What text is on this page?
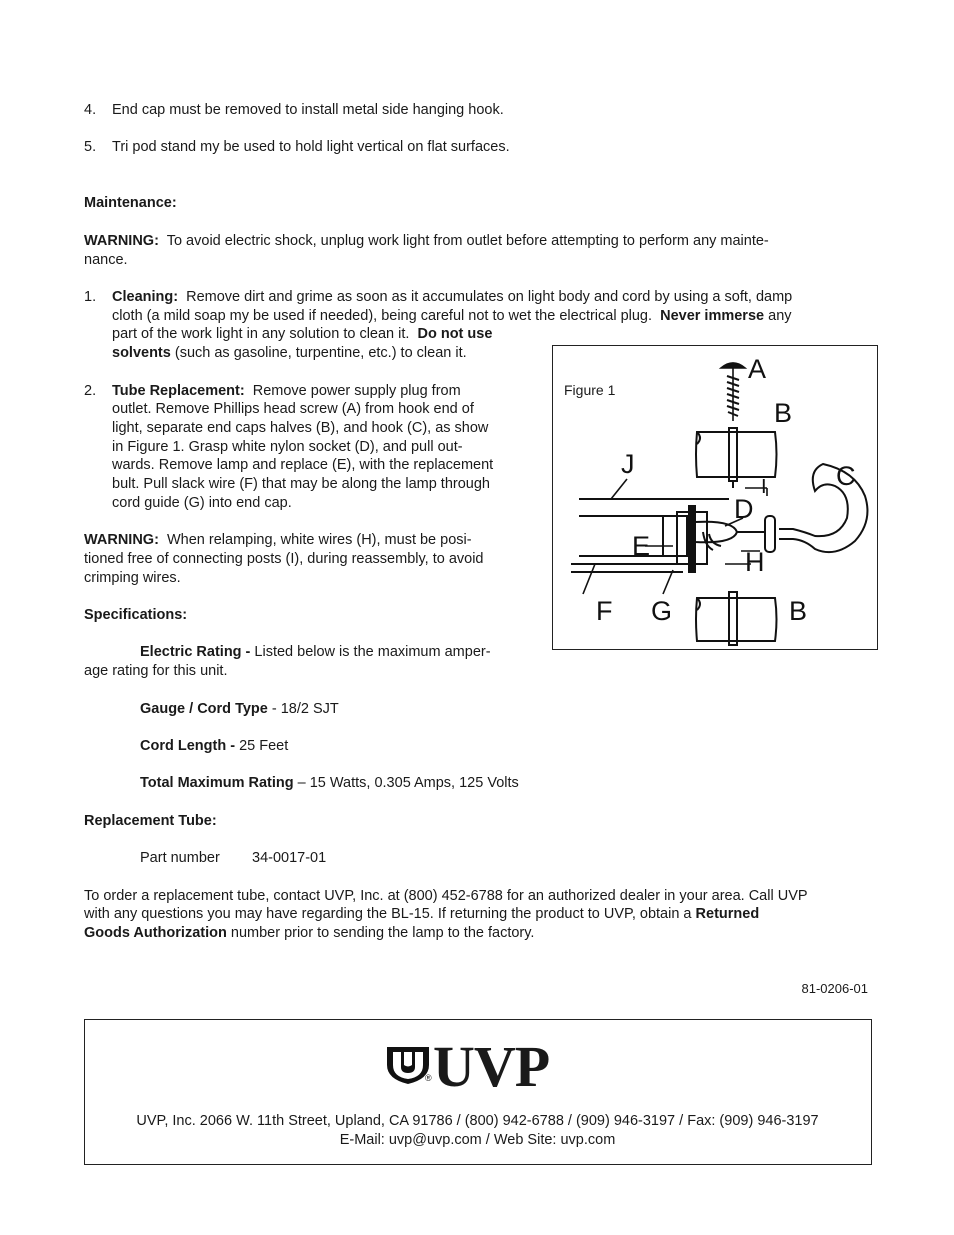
4. End cap must be removed to install metal side hanging hook.
5. Tri pod stand my be used to hold light vertical on flat surfaces.
Maintenance:
WARNING: To avoid electric shock, unplug work light from outlet before attempting to perform any mainte-
nance.
1. Cleaning: Remove dirt and grime as soon as it accumulates on light body and cord by using a soft, damp
cloth (a mild soap my be used if needed), being careful not to wet the electrical plug. Never immerse any
part of the work light in any solution to clean it. Do not use
solvents (such as gasoline, turpentine, etc.) to clean it.
2. Tube Replacement: Remove power supply plug from
outlet. Remove Phillips head screw (A) from hook end of
light, separate end caps halves (B), and hook (C), as show
in Figure 1. Grasp white nylon socket (D), and pull out-
wards. Remove lamp and replace (E), with the replacement
bult. Pull slack wire (F) that may be along the lamp through
cord guide (G) into end cap.
WARNING: When relamping, white wires (H), must be posi-
tioned free of connecting posts (I), during reassembly, to avoid
crimping wires.
Specifications:
Electric Rating - Listed below is the maximum amper-
age rating for this unit.
Gauge / Cord Type - 18/2 SJT
Cord Length - 25 Feet
Total Maximum Rating – 15 Watts, 0.305 Amps, 125 Volts
Replacement Tube:
Part number 34-0017-01
To order a replacement tube, contact UVP, Inc. at (800) 452-6788 for an authorized dealer in your area. Call UVP
with any questions you may have regarding the BL-15. If returning the product to UVP, obtain a Returned
Goods Authorization number prior to sending the lamp to the factory.
81-0206-01
Figure 1
A
B
C
J
I
D
E
H
F G	B
UVP
®
UVP, Inc. 2066 W. 11th Street, Upland, CA 91786 / (800) 942-6788 / (909) 946-3197 / Fax: (909) 946-3197
E-Mail: uvp@uvp.com / Web Site: uvp.com
